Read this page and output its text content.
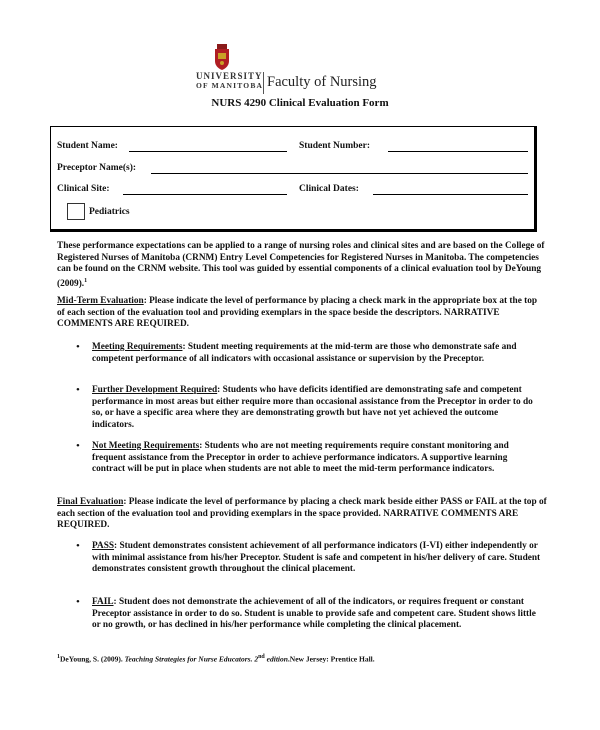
UNIVERSITY
OF MANITOBA Faculty of Nursing
NURS 4290 Clinical Evaluation Form
Student Name:	Student Number:
Preceptor Name(s):
Clinical Site:	Clinical Dates:
Pediatrics
These performance expectations can be applied to a range of nursing roles and clinical sites and are based on the College of Registered Nurses of Manitoba (CRNM) Entry Level Competencies for Registered Nurses in Manitoba. The competencies can be found on the CRNM website. This tool was guided by essential components of a clinical evaluation tool by DeYoung (2009).$^1$
Mid-Term Evaluation: Please indicate the level of performance by placing a check mark in the appropriate box at the top of each section of the evaluation tool and providing exemplars in the space beside the descriptors. NARRATIVE COMMENTS ARE REQUIRED.
• Meeting Requirements: Student meeting requirements at the mid-term are those who demonstrate safe and competent performance of all indicators with occasional assistance or supervision by the Preceptor.
• Further Development Required: Students who have deficits identified are demonstrating safe and competent performance in most areas but either require more than occasional assistance from the Preceptor in order to do so, or have a specific area where they are demonstrating growth but have not yet achieved the outcome indicators.
• Not Meeting Requirements: Students who are not meeting requirements require constant monitoring and frequent assistance from the Preceptor in order to achieve performance indicators. A supportive learning contract will be put in place when students are not able to meet the mid-term performance indicators.
Final Evaluation: Please indicate the level of performance by placing a check mark beside either PASS or FAIL at the top of each section of the evaluation tool and providing exemplars in the space provided. NARRATIVE COMMENTS ARE REQUIRED.
• PASS: Student demonstrates consistent achievement of all performance indicators (I-VI) either independently or with minimal assistance from his/her Preceptor. Student is safe and competent in his/her delivery of care. Student demonstrates consistent growth throughout the clinical placement.
• FAIL: Student does not demonstrate the achievement of all of the indicators, or requires frequent or constant Preceptor assistance in order to do so. Student is unable to provide safe and competent care. Student shows little or no growth, or has declined in his/her performance while completing the clinical placement.
$^1$DeYoung, S. (2009). Teaching Strategies for Nurse Educators. 2nd edition.New Jersey: Prentice Hall.
